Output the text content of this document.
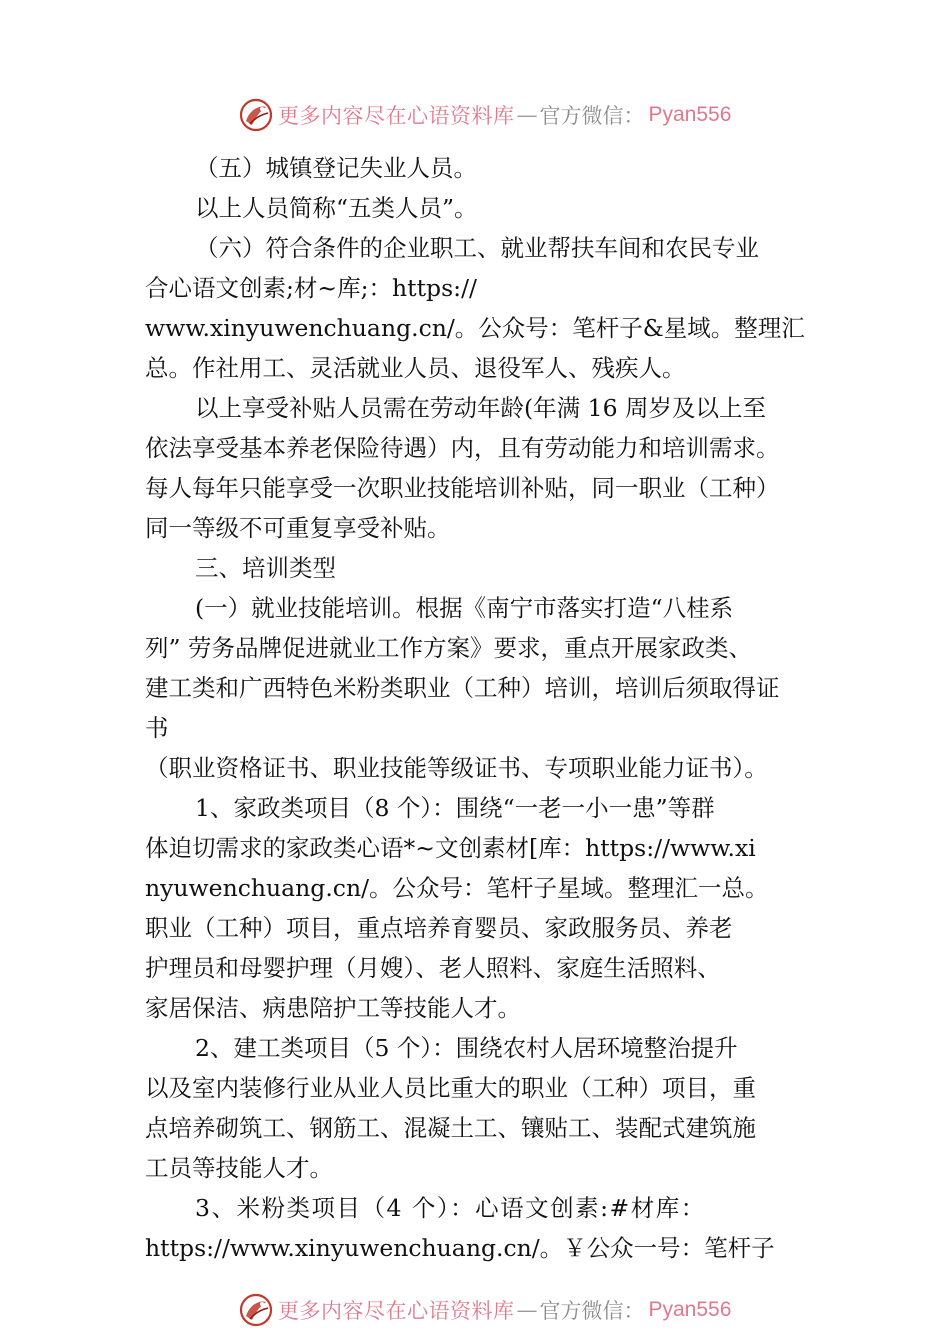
更多内容尽在心语资料库 — 官方微信： Pyan556
（五）城镇登记失业人员。
以上人员简称“五类人员”。
（六）符合条件的企业职工、就业帮扶车间和农民专业
合心语文创素;材~库;：https://
www.xinyuwenchuang.cn/。公众号：笔杆子&星域。整理汇
总。作社用工、灵活就业人员、退役军人、残疾人。
以上享受补贴人员需在劳动年龄(年满 16 周岁及以上至
依法享受基本养老保险待遇）内，且有劳动能力和培训需求。
每人每年只能享受一次职业技能培训补贴，同一职业（工种）
同一等级不可重复享受补贴。
三、培训类型
(一）就业技能培训。根据《南宁市落实打造“八桂系
列” 劳务品牌促进就业工作方案》要求，重点开展家政类、
建工类和广西特色米粉类职业（工种）培训，培训后须取得证
书
（职业资格证书、职业技能等级证书、专项职业能力证书）。
1、家政类项目（8 个）：围绕“一老一小一患”等群
体迫切需求的家政类心语*~文创素材[库：https://www.xi
nyuwenchuang.cn/。公众号：笔杆子星域。整理汇一总。
职业（工种）项目，重点培养育婴员、家政服务员、养老
护理员和母婴护理（月嫂）、老人照料、家庭生活照料、
家居保洁、病患陪护工等技能人才。
2、建工类项目（5 个）：围绕农村人居环境整治提升
以及室内装修行业从业人员比重大的职业（工种）项目，重
点培养砌筑工、钢筋工、混凝土工、镶贴工、装配式建筑施
工员等技能人才。
3、米粉类项目（4 个）：心语文创素:#材库：
https://www.xinyuwenchuang.cn/。￥公众一号：笔杆子
更多内容尽在心语资料库 — 官方微信： Pyan556
